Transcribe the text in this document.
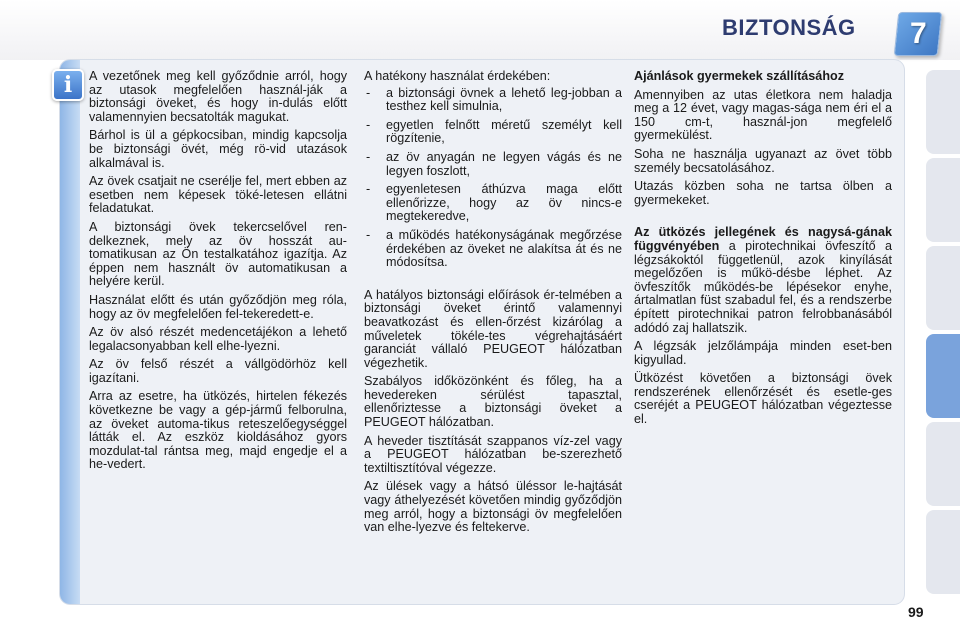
BIZTONSÁG 7
i	A vezetőnek meg kell győződnie arról, hogy az utasok megfelelően használ-ják a biztonsági öveket, és hogy in-dulás előtt valamennyien becsatolták magukat.

Bárhol is ül a gépkocsiban, mindig kapcsolja be biztonsági övét, még rö-vid utazások alkalmával is.

Az övek csatjait ne cserélje fel, mert ebben az esetben nem képesek töké-letesen ellátni feladatukat.

A biztonsági övek tekercselővel ren-delkeznek, mely az öv hosszát au-tomatikusan az Ön testalkatához igazítja. Az éppen nem használt öv automatikusan a helyére kerül.

Használat előtt és után győződjön meg róla, hogy az öv megfelelően fel-tekeredett-e.

Az öv alsó részét medencetájékon a lehető legalacsonyabban kell elhe-lyezni.

Az öv felső részét a vállgödörhöz kell igazítani.

Arra az esetre, ha ütközés, hirtelen fékezés következne be vagy a gép-jármű felborulna, az öveket automa-tikus reteszelőegységgel látták el. Az eszköz kioldásához gyors mozdulat-tal rántsa meg, majd engedje el a he-vedert.

A hatékony használat érdekében:

- a biztonsági övnek a lehető leg-jobban a testhez kell simulnia,
- egyetlen felnőtt méretű személyt kell rögzítenie,
- az öv anyagán ne legyen vágás és ne legyen foszlott,
- egyenletesen áthúzva maga előtt ellenőrizze, hogy az öv nincs-e megtekeredve,
- a működés hatékonyságának megőrzése érdekében az öveket ne alakítsa át és ne módosítsa.

A hatályos biztonsági előírások ér-telmében a biztonsági öveket érintő valamennyi beavatkozást és ellen-őrzést kizárólag a műveletek tökéle-tes végrehajtásáért garanciát vállaló PEUGEOT hálózatban végezhetik.

Szabályos időközönként és főleg, ha a hevedereken sérülést tapasztal, ellenőriztesse a biztonsági öveket a PEUGEOT hálózatban.

A heveder tisztítását szappanos víz-zel vagy a PEUGEOT hálózatban be-szerezhető textiltisztítóval végezze.

Az ülések vagy a hátsó üléssor le-hajtását vagy áthelyezését követően mindig győződjön meg arról, hogy a biztonsági öv megfelelően van elhe-lyezve és feltekerve.

Ajánlások gyermekek szállításához

Amennyiben az utas életkora nem haladja meg a 12 évet, vagy magas-sága nem éri el a 150 cm-t, használ-jon megfelelő gyermekülést.

Soha ne használja ugyanazt az övet több személy becsatolásához.

Utazás közben soha ne tartsa ölben a gyermekeket.

Az ütközés jellegének és nagysá-gának függvényében a pirotechnikai övfeszítő a légzsákoktól függetlenül, azok kinyílását megelőzően is műkö-désbe léphet. Az övfeszítők működés-be lépésekor enyhe, ártalmatlan füst szabadul fel, és a rendszerbe épített pirotechnikai patron felrobbanásából adódó zaj hallatszik.

A légzsák jelzőlámpája minden eset-ben kigyullad.

Ütközést követően a biztonsági övek rendszerének ellenőrzését és esetle-ges cseréjét a PEUGEOT hálózatban végeztesse el.

99
